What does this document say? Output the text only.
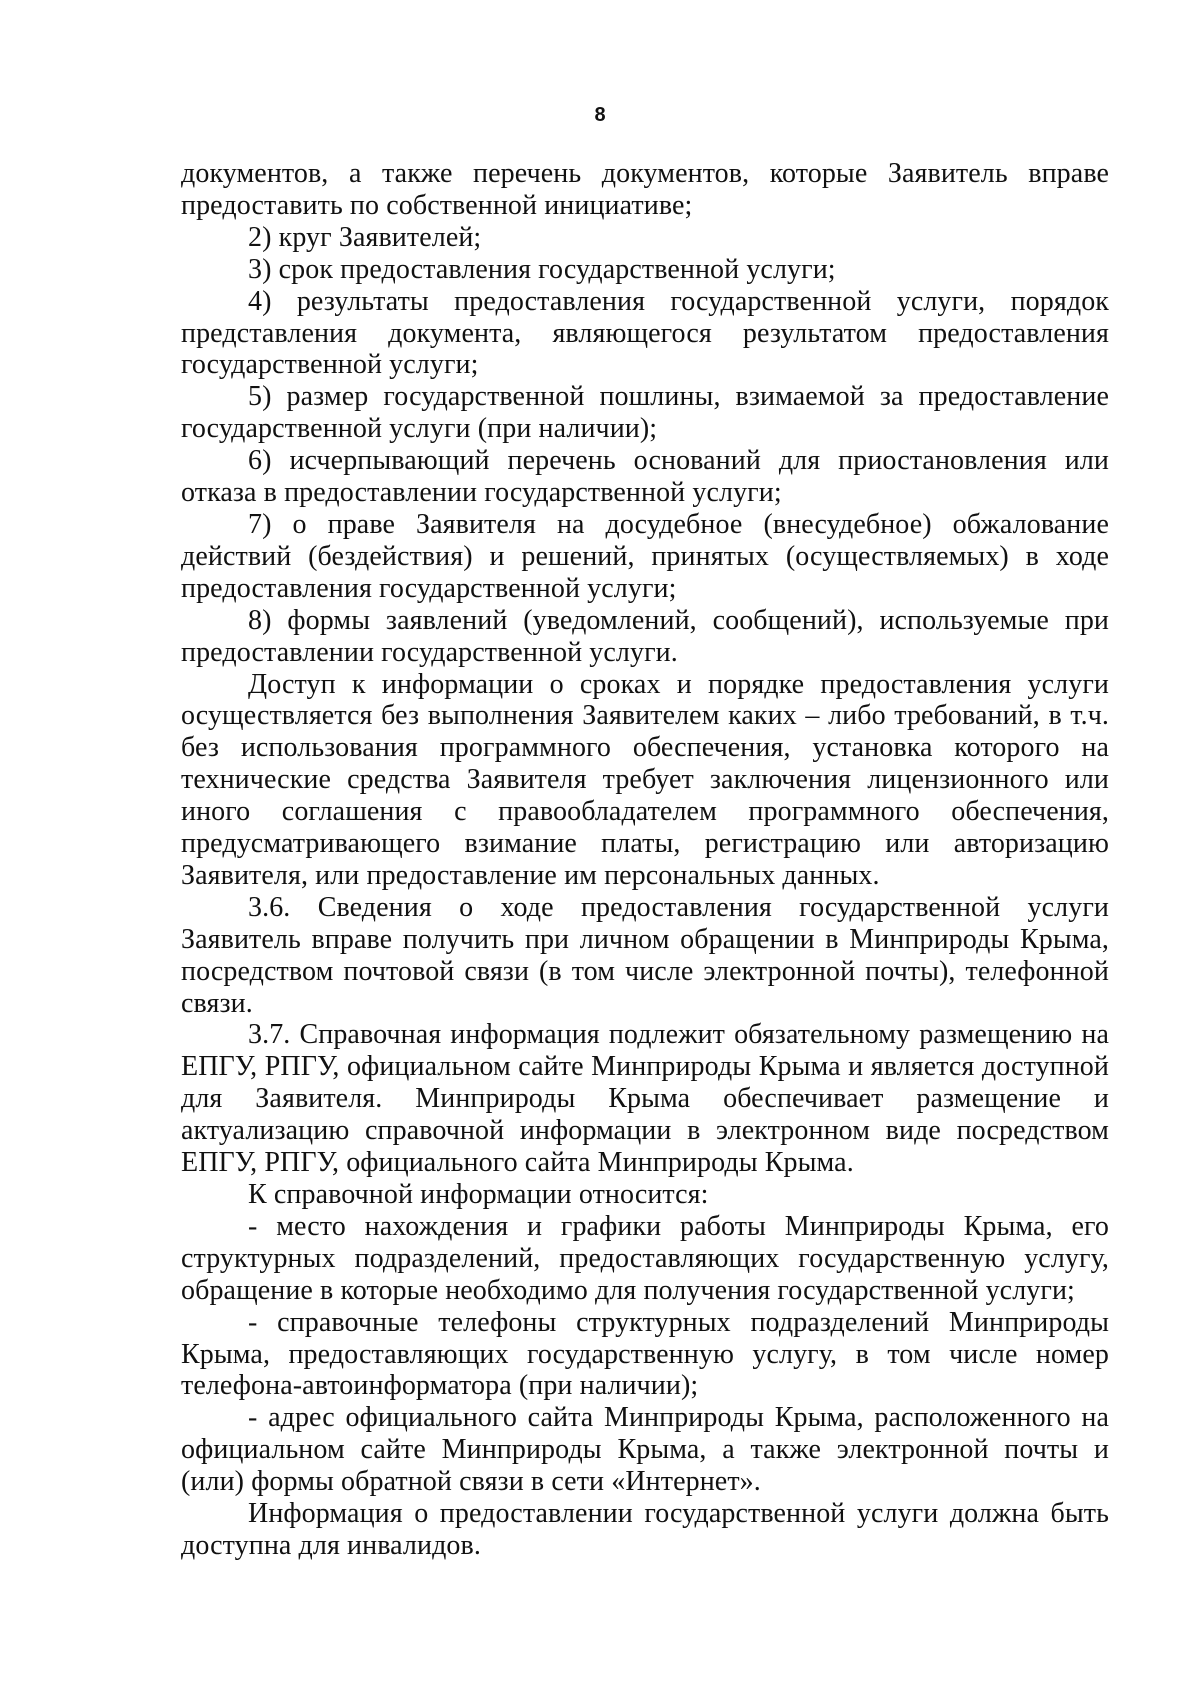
8

документов, а также перечень документов, которые Заявитель вправе предоставить по собственной инициативе;

2) круг Заявителей;

3) срок предоставления государственной услуги;

4) результаты предоставления государственной услуги, порядок представления документа, являющегося результатом предоставления государственной услуги;

5) размер государственной пошлины, взимаемой за предоставление государственной услуги (при наличии);

6) исчерпывающий перечень оснований для приостановления или отказа в предоставлении государственной услуги;

7) о праве Заявителя на досудебное (внесудебное) обжалование действий (бездействия) и решений, принятых (осуществляемых) в ходе предоставления государственной услуги;

8) формы заявлений (уведомлений, сообщений), используемые при предоставлении государственной услуги.

Доступ к информации о сроках и порядке предоставления услуги осуществляется без выполнения Заявителем каких – либо требований, в т.ч. без использования программного обеспечения, установка которого на технические средства Заявителя требует заключения лицензионного или иного соглашения с правообладателем программного обеспечения, предусматривающего взимание платы, регистрацию или авторизацию Заявителя, или предоставление им персональных данных.

3.6. Сведения о ходе предоставления государственной услуги Заявитель вправе получить при личном обращении в Минприроды Крыма, посредством почтовой связи (в том числе электронной почты), телефонной связи.

3.7. Справочная информация подлежит обязательному размещению на ЕПГУ, РПГУ, официальном сайте Минприроды Крыма и является доступной для Заявителя. Минприроды Крыма обеспечивает размещение и актуализацию справочной информации в электронном виде посредством ЕПГУ, РПГУ, официального сайта Минприроды Крыма.

К справочной информации относится:

- место нахождения и графики работы Минприроды Крыма, его структурных подразделений, предоставляющих государственную услугу, обращение в которые необходимо для получения государственной услуги;

- справочные телефоны структурных подразделений Минприроды Крыма, предоставляющих государственную услугу, в том числе номер телефона-автоинформатора (при наличии);

- адрес официального сайта Минприроды Крыма, расположенного на официальном сайте Минприроды Крыма, а также электронной почты и (или) формы обратной связи в сети «Интернет».

Информация о предоставлении государственной услуги должна быть доступна для инвалидов.
